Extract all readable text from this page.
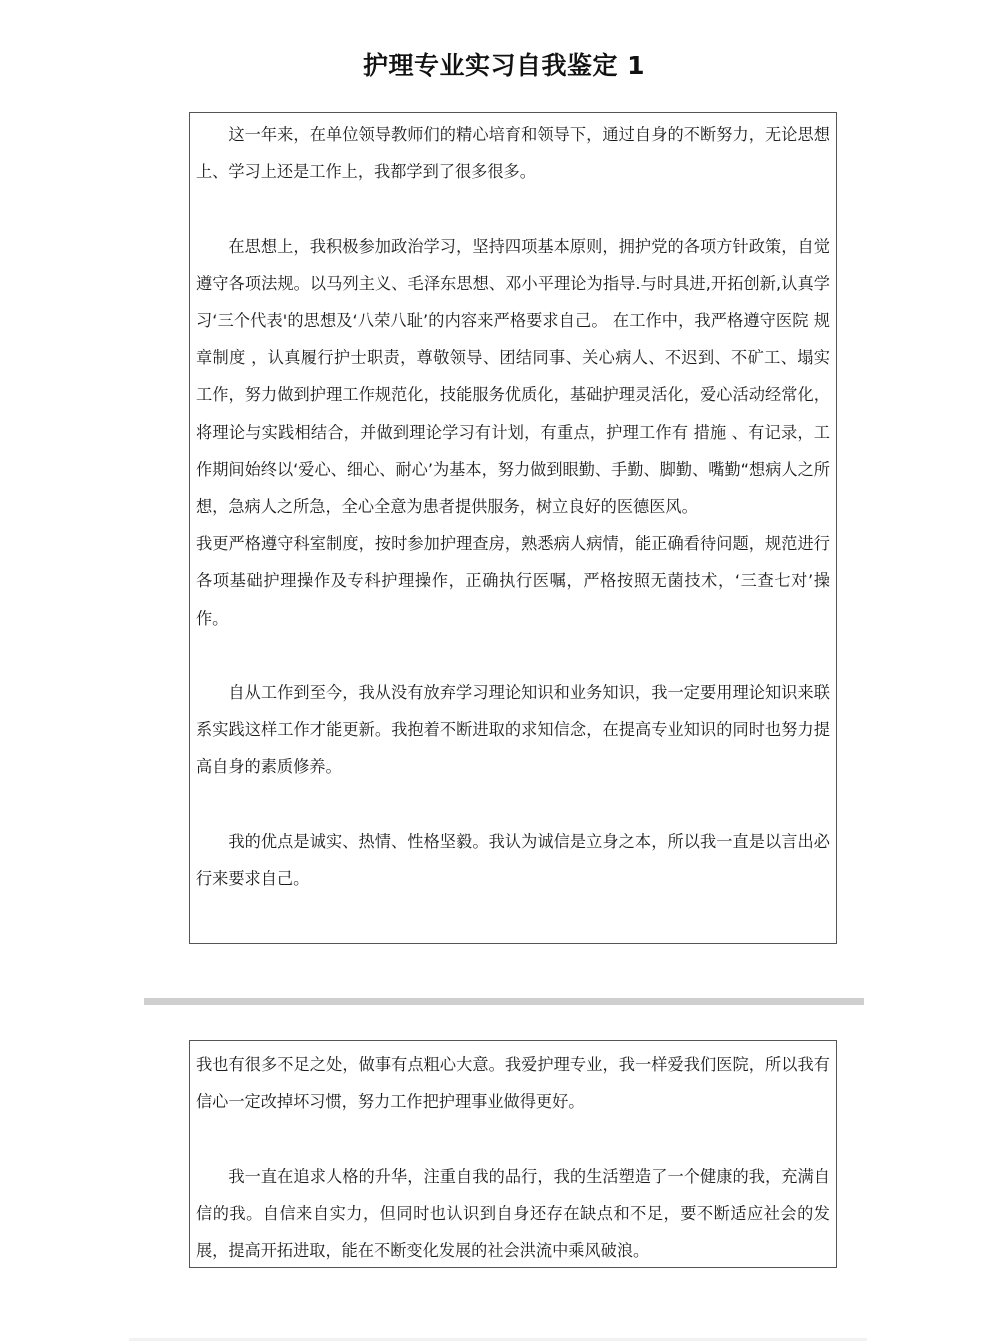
护理专业实习自我鉴定 1

这一年来，在单位领导教师们的精心培育和领导下，通过自身的不断努力，无论思想上、学习上还是工作上，我都学到了很多很多。

在思想上，我积极参加政治学习，坚持四项基本原则，拥护党的各项方针政策，自觉遵守各项法规。以马列主义、毛泽东思想、邓小平理论为指导.与时具进,开拓创新,认真学习‘三个代表'的思想及‘八荣八耻’的内容来严格要求自己。 在工作中，我严格遵守医院 规章制度 ，认真履行护士职责，尊敬领导、团结同事、关心病人、不迟到、不矿工、塌实工作，努力做到护理工作规范化，技能服务优质化，基础护理灵活化，爱心活动经常化，将理论与实践相结合，并做到理论学习有计划，有重点，护理工作有 措施 、有记录，工作期间始终以‘爱心、细心、耐心’为基本，努力做到眼勤、手勤、脚勤、嘴勤“想病人之所想，急病人之所急，全心全意为患者提供服务，树立良好的医德医风。

我更严格遵守科室制度，按时参加护理查房，熟悉病人病情，能正确看待问题，规范进行各项基础护理操作及专科护理操作，正确执行医嘱，严格按照无菌技术，‘三查七对’操作。

自从工作到至今，我从没有放弃学习理论知识和业务知识，我一定要用理论知识来联系实践这样工作才能更新。我抱着不断进取的求知信念，在提高专业知识的同时也努力提高自身的素质修养。

我的优点是诚实、热情、性格坚毅。我认为诚信是立身之本，所以我一直是以言出必行来要求自己。

我也有很多不足之处，做事有点粗心大意。我爱护理专业，我一样爱我们医院，所以我有信心一定改掉坏习惯，努力工作把护理事业做得更好。

我一直在追求人格的升华，注重自我的品行，我的生活塑造了一个健康的我，充满自信的我。自信来自实力，但同时也认识到自身还存在缺点和不足，要不断适应社会的发展，提高开拓进取，能在不断变化发展的社会洪流中乘风破浪。
